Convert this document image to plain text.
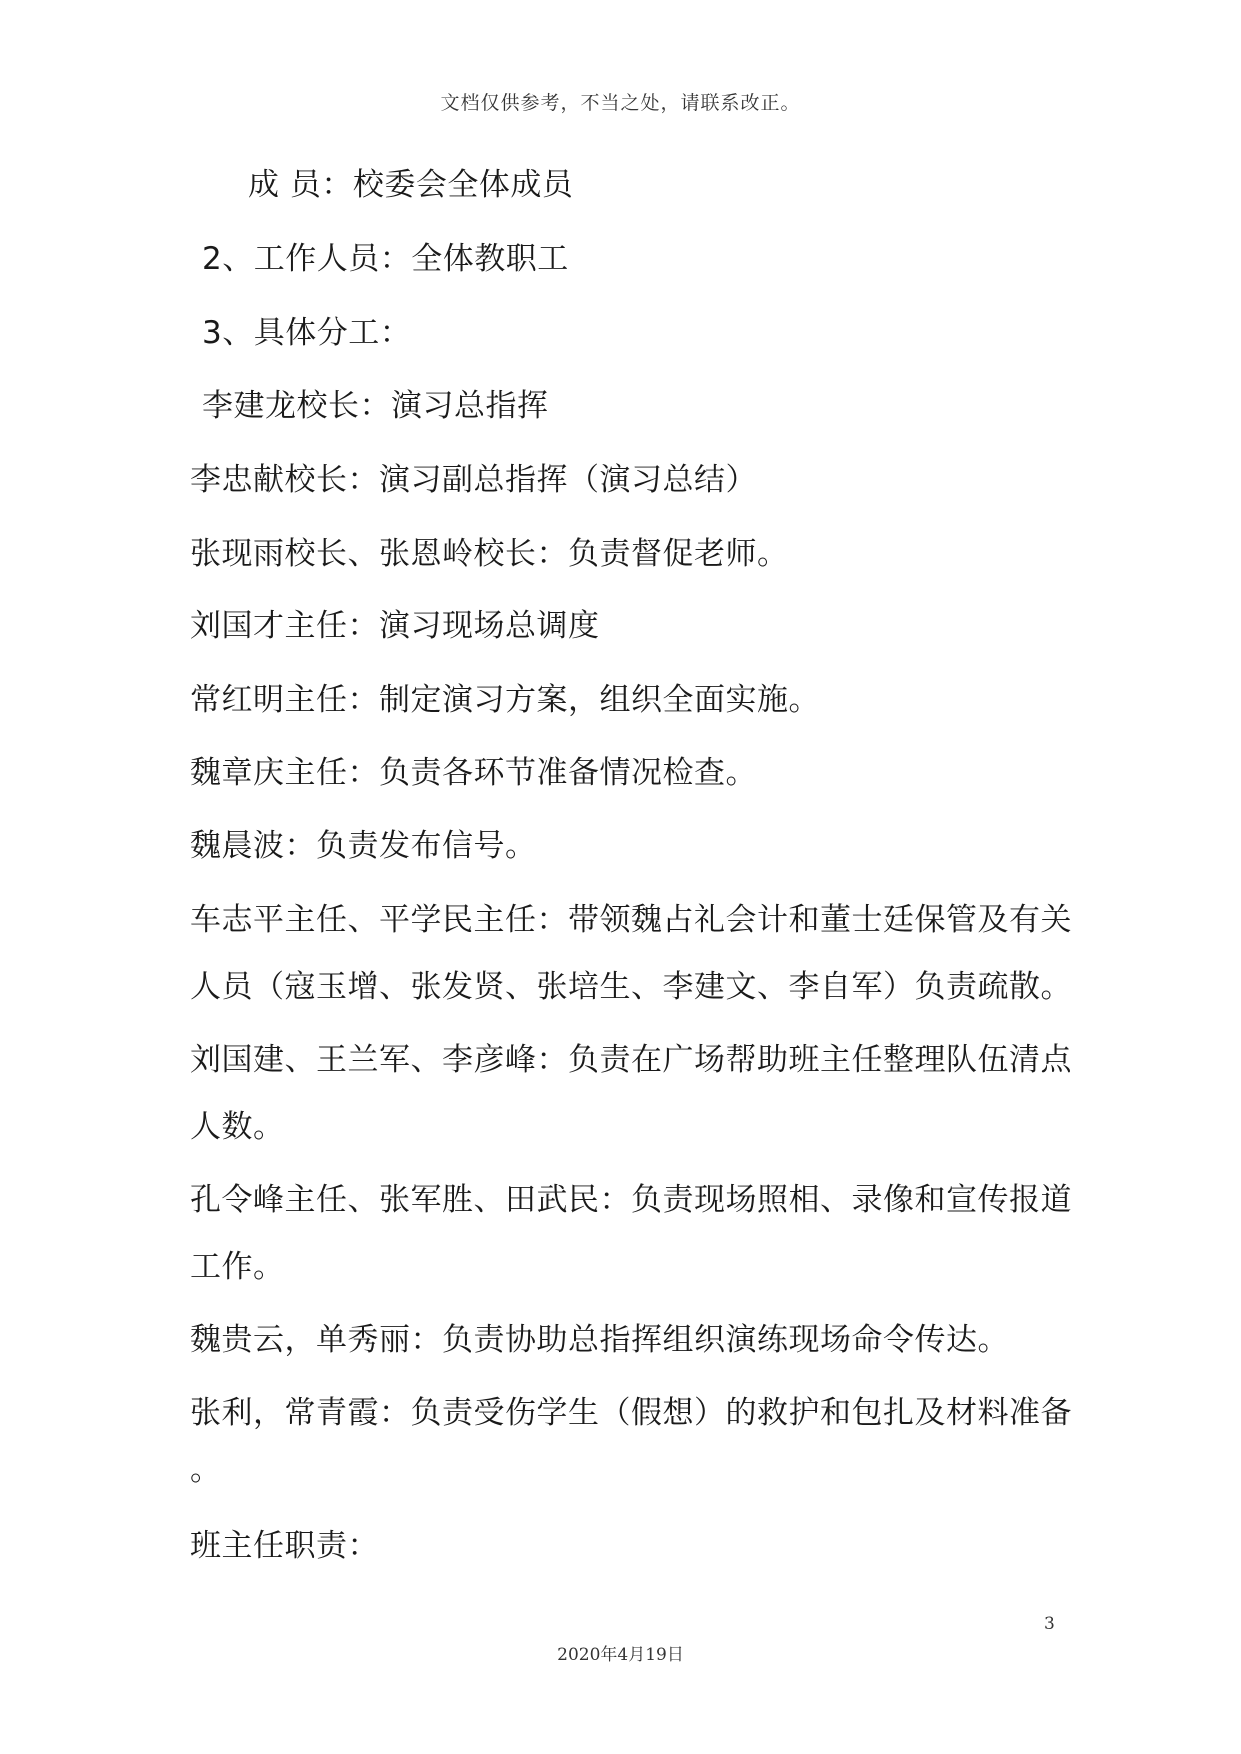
文档仅供参考，不当之处，请联系改正。
成 员：校委会全体成员
2、工作人员：全体教职工
3、具体分工：
李建龙校长：演习总指挥
李忠献校长：演习副总指挥（演习总结）
张现雨校长、张恩岭校长：负责督促老师。
刘国才主任：演习现场总调度
常红明主任：制定演习方案，组织全面实施。
魏章庆主任：负责各环节准备情况检查。
魏晨波：负责发布信号。
车志平主任、平学民主任：带领魏占礼会计和董士廷保管及有关
人员（寇玉增、张发贤、张培生、李建文、李自军）负责疏散。
刘国建、王兰军、李彦峰：负责在广场帮助班主任整理队伍清点
人数。
孔令峰主任、张军胜、田武民：负责现场照相、录像和宣传报道
工作。
魏贵云，单秀丽：负责协助总指挥组织演练现场命令传达。
张利，常青霞：负责受伤学生（假想）的救护和包扎及材料准备
。
班主任职责：
3
2020年4月19日
